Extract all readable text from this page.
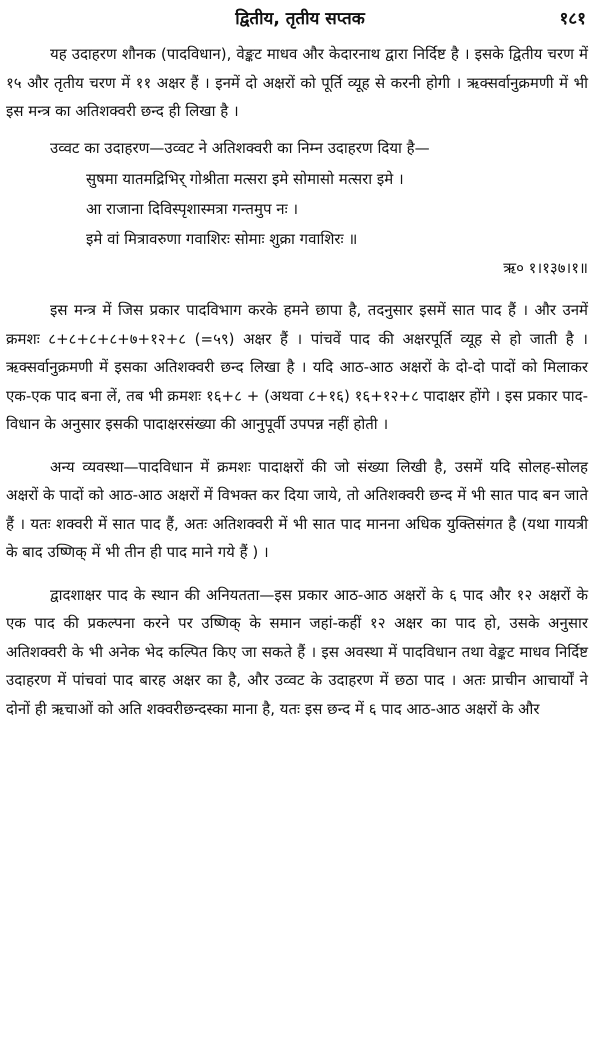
द्वितीय, तृतीय सप्तक	१८१

यह उदाहरण शौनक (पादविधान), वेङ्कट माधव और केदारनाथ द्वारा निर्दिष्ट है । इसके द्वितीय चरण में १५ और तृतीय चरण में ११ अक्षर हैं । इनमें दो अक्षरों को पूर्ति व्यूह से करनी होगी । ऋक्सर्वानुक्रमणी में भी इस मन्त्र का अतिशक्वरी छन्द ही लिखा है ।

उव्वट का उदाहरण—उव्वट ने अतिशक्वरी का निम्न उदाहरण दिया है—

सुषमा यातमद्रिभिर् गोश्रीता मत्सरा इमे सोमासो मत्सरा इमे ।
आ राजाना दिविस्पृशास्मत्रा गन्तमुप नः ।
इमे वां मित्रावरुणा गवाशिरः सोमाः शुक्रा गवाशिरः ॥
ऋ० १।१३७।१॥

इस मन्त्र में जिस प्रकार पादविभाग करके हमने छापा है, तदनुसार इसमें सात पाद हैं । और उनमें क्रमशः ८+८+८+८+७+१२+८ (=५९) अक्षर हैं । पांचवें पाद की अक्षरपूर्ति व्यूह से हो जाती है । ऋक्सर्वानुक्रमणी में इसका अतिशक्वरी छन्द लिखा है । यदि आठ-आठ अक्षरों के दो-दो पादों को मिलाकर एक-एक पाद बना लें, तब भी क्रमशः १६+८ + (अथवा ८+१६) १६+१२+८ पादाक्षर होंगे । इस प्रकार पाद-विधान के अनुसार इसकी पादाक्षरसंख्या की आनुपूर्वी उपपन्न नहीं होती ।

अन्य व्यवस्था—पादविधान में क्रमशः पादाक्षरों की जो संख्या लिखी है, उसमें यदि सोलह-सोलह अक्षरों के पादों को आठ-आठ अक्षरों में विभक्त कर दिया जाये, तो अतिशक्वरी छन्द में भी सात पाद बन जाते हैं । यतः शक्वरी में सात पाद हैं, अतः अतिशक्वरी में भी सात पाद मानना अधिक युक्तिसंगत है (यथा गायत्री के बाद उष्णिक् में भी तीन ही पाद माने गये हैं ) ।

द्वादशाक्षर पाद के स्थान की अनियतता—इस प्रकार आठ-आठ अक्षरों के ६ पाद और १२ अक्षरों के एक पाद की प्रकल्पना करने पर उष्णिक् के समान जहां-कहीं १२ अक्षर का पाद हो, उसके अनुसार अतिशक्वरी के भी अनेक भेद कल्पित किए जा सकते हैं । इस अवस्था में पादविधान तथा वेङ्कट माधव निर्दिष्ट उदाहरण में पांचवां पाद बारह अक्षर का है, और उव्वट के उदाहरण में छठा पाद । अतः प्राचीन आचार्यों ने दोनों ही ऋचाओं को अति शक्वरीछन्दस्का माना है, यतः इस छन्द में ६ पाद आठ-आठ अक्षरों के और
